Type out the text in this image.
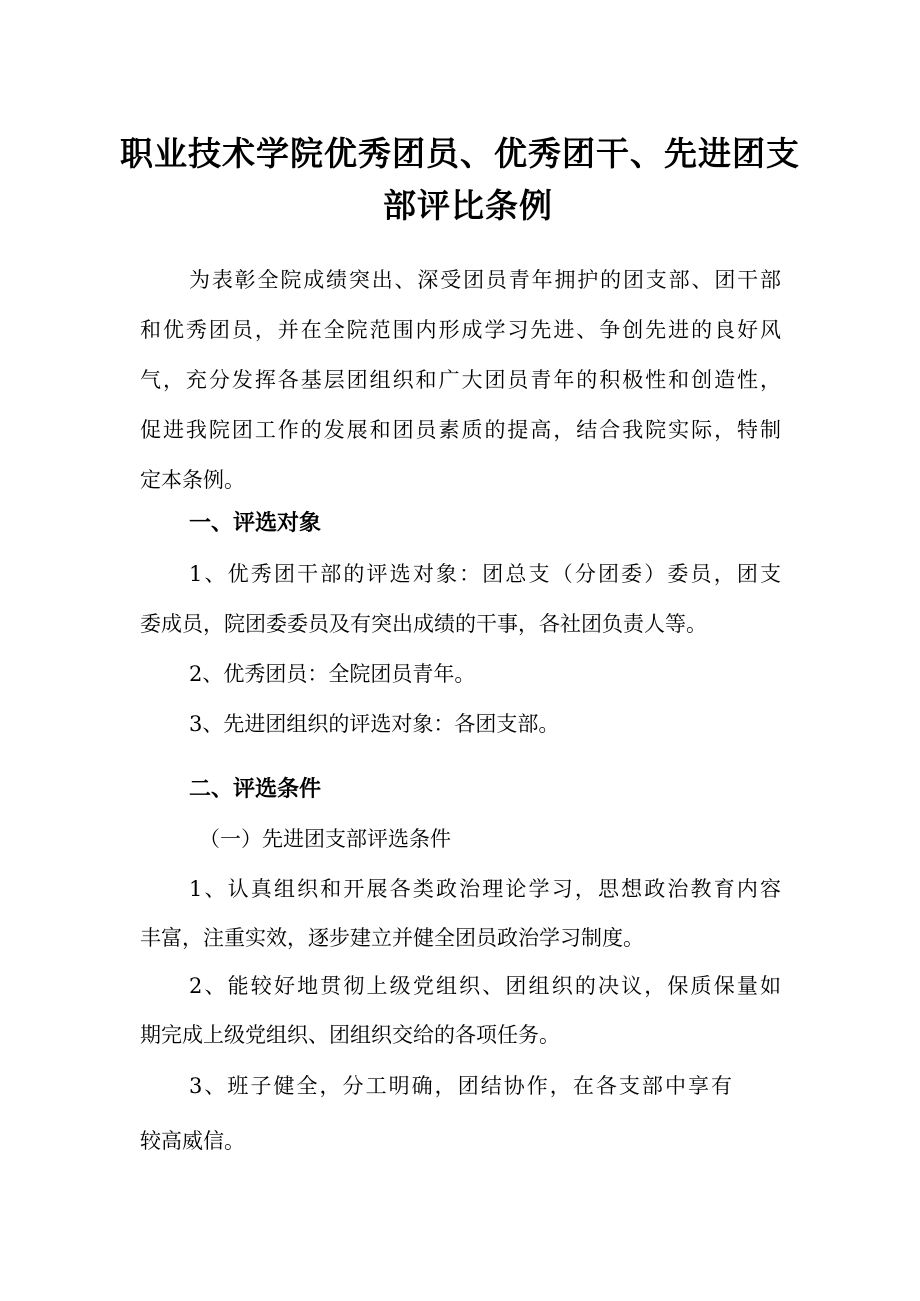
职业技术学院优秀团员、优秀团干、先进团支
部评比条例

为表彰全院成绩突出、深受团员青年拥护的团支部、团干部

和优秀团员，并在全院范围内形成学习先进、争创先进的良好风

气，充分发挥各基层团组织和广大团员青年的积极性和创造性，

促进我院团工作的发展和团员素质的提高，结合我院实际，特制

定本条例。

一、评选对象

1、优秀团干部的评选对象：团总支（分团委）委员，团支

委成员，院团委委员及有突出成绩的干事，各社团负责人等。

2、优秀团员：全院团员青年。

3、先进团组织的评选对象：各团支部。

二、评选条件

（一）先进团支部评选条件

1、认真组织和开展各类政治理论学习，思想政治教育内容

丰富，注重实效，逐步建立并健全团员政治学习制度。

2、能较好地贯彻上级党组织、团组织的决议，保质保量如

期完成上级党组织、团组织交给的各项任务。

3、班子健全，分工明确，团结协作，在各支部中享有

较高威信。
